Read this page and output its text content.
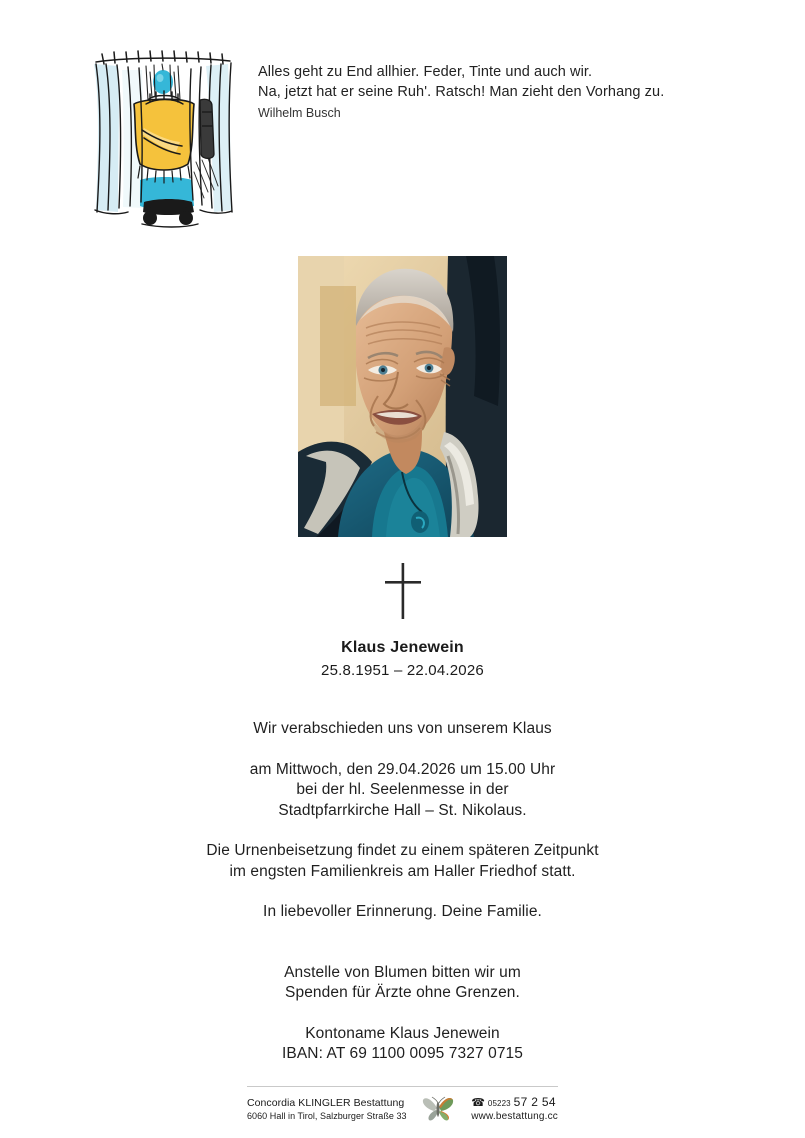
Alles geht zu End allhier. Feder, Tinte und auch wir.
Na, jetzt hat er seine Ruh'. Ratsch! Man zieht den Vorhang zu.
Wilhelm Busch
Klaus Jenewein
25.8.1951 – 22.04.2026
Wir verabschieden uns von unserem Klaus
am Mittwoch, den 29.04.2026 um 15.00 Uhr
bei der hl. Seelenmesse in der
Stadtpfarrkirche Hall – St. Nikolaus.
Die Urnenbeisetzung findet zu einem späteren Zeitpunkt
im engsten Familienkreis am Haller Friedhof statt.
In liebevoller Erinnerung. Deine Familie.
Anstelle von Blumen bitten wir um
Spenden für Ärzte ohne Grenzen.
Kontoname Klaus Jenewein
IBAN: AT 69 1100 0095 7327 0715
Concordia KLINGLER Bestattung
6060 Hall in Tirol, Salzburger Straße 33
☎ 05223 57 2 54
www.bestattung.cc
